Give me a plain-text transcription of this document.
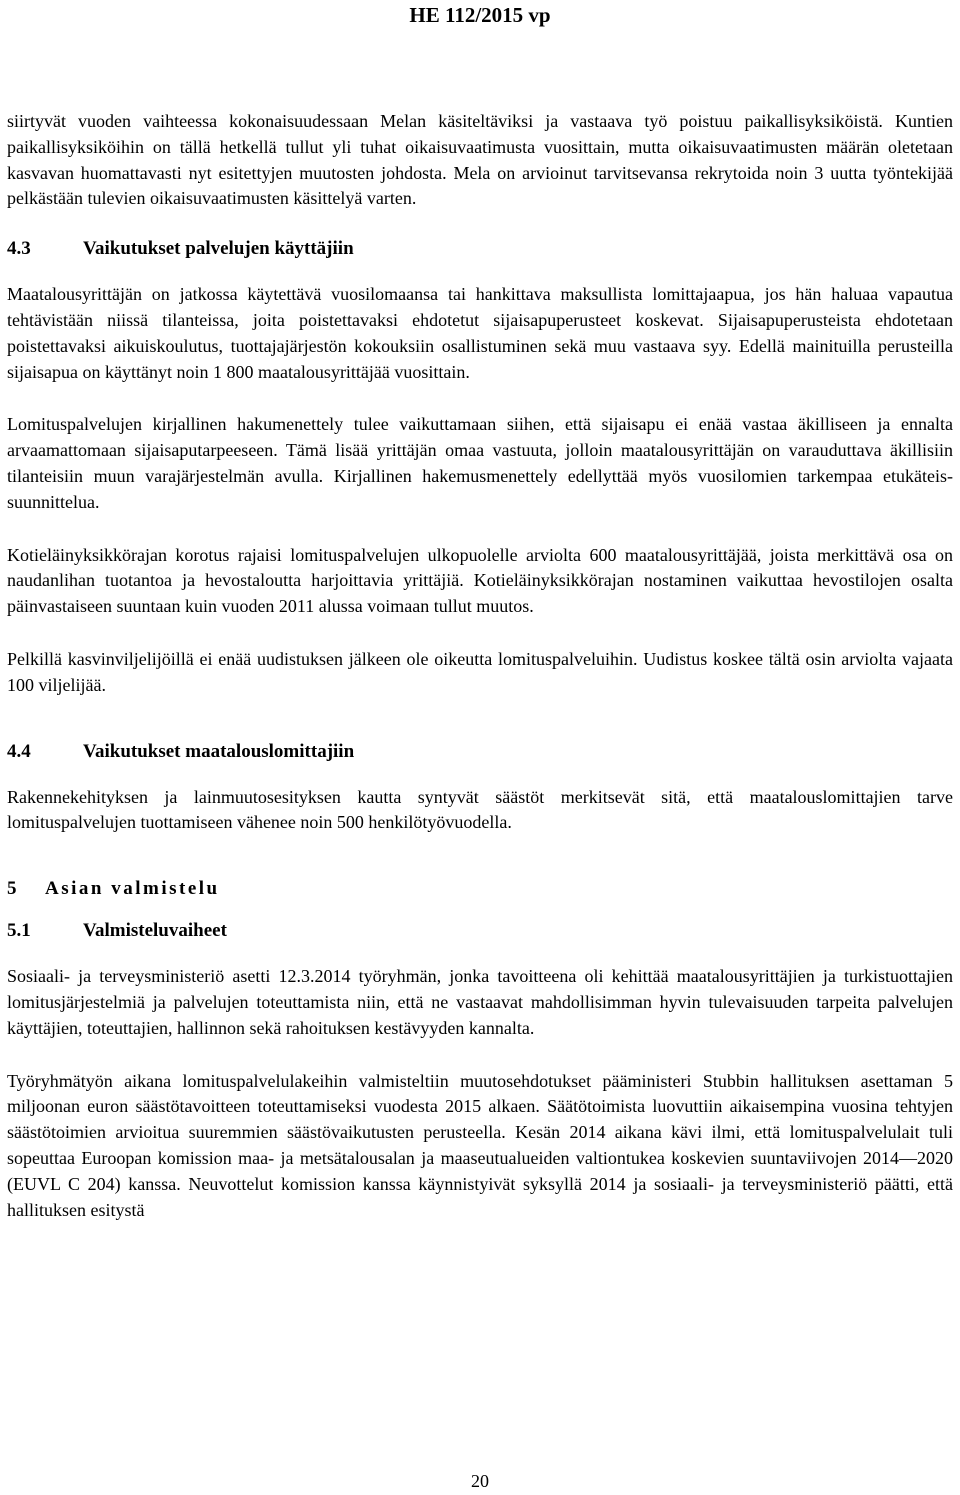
HE 112/2015 vp

siirtyvät vuoden vaihteessa kokonaisuudessaan Melan käsiteltäviksi ja vastaava työ poistuu paikallisyksiköistä. Kuntien paikallisyksiköihin on tällä hetkellä tullut yli tuhat oikaisuvaatimusta vuosittain, mutta oikaisuvaatimusten määrän oletetaan kasvavan huomattavasti nyt esitettyjen muutosten johdosta. Mela on arvioinut tarvitsevansa rekrytoida noin 3 uutta työntekijää pelkästään tulevien oikaisuvaatimusten käsittelyä varten.

4.3	Vaikutukset palvelujen käyttäjiin

Maatalousyrittäjän on jatkossa käytettävä vuosilomaansa tai hankittava maksullista lomittajaapua, jos hän haluaa vapautua tehtävistään niissä tilanteissa, joita poistettavaksi ehdotetut sijaisapuperusteet koskevat. Sijaisapuperusteista ehdotetaan poistettavaksi aikuiskoulutus, tuottajajärjestön kokouksiin osallistuminen sekä muu vastaava syy. Edellä mainituilla perusteilla sijaisapua on käyttänyt noin 1 800 maatalousyrittäjää vuosittain.

Lomituspalvelujen kirjallinen hakumenettely tulee vaikuttamaan siihen, että sijaisapu ei enää vastaa äkilliseen ja ennalta arvaamattomaan sijaisaputarpeeseen. Tämä lisää yrittäjän omaa vastuuta, jolloin maatalousyrittäjän on varauduttava äkillisiin tilanteisiin muun varajärjestelmän avulla. Kirjallinen hakemusmenettely edellyttää myös vuosilomien tarkempaa etukäteissuunnittelua.

Kotieläinyksikkörajan korotus rajaisi lomituspalvelujen ulkopuolelle arviolta 600 maatalousyrittäjää, joista merkittävä osa on naudanlihan tuotantoa ja hevostaloutta harjoittavia yrittäjiä. Kotieläinyksikkörajan nostaminen vaikuttaa hevostilojen osalta päinvastaiseen suuntaan kuin vuoden 2011 alussa voimaan tullut muutos.

Pelkillä kasvinviljelijöillä ei enää uudistuksen jälkeen ole oikeutta lomituspalveluihin. Uudistus koskee tältä osin arviolta vajaata 100 viljelijää.

4.4	Vaikutukset maatalouslomittajiin

Rakennekehityksen ja lainmuutosesityksen kautta syntyvät säästöt merkitsevät sitä, että maatalouslomittajien tarve lomituspalvelujen tuottamiseen vähenee noin 500 henkilötyövuodella.

5	Asian valmistelu
5.1	Valmisteluvaiheet

Sosiaali- ja terveysministeriö asetti 12.3.2014 työryhmän, jonka tavoitteena oli kehittää maatalousyrittäjien ja turkistuottajien lomitusjärjestelmiä ja palvelujen toteuttamista niin, että ne vastaavat mahdollisimman hyvin tulevaisuuden tarpeita palvelujen käyttäjien, toteuttajien, hallinnon sekä rahoituksen kestävyyden kannalta.

Työryhmätyön aikana lomituspalvelulakeihin valmisteltiin muutosehdotukset pääministeri Stubbin hallituksen asettaman 5 miljoonan euron säästötavoitteen toteuttamiseksi vuodesta 2015 alkaen. Säätötoimista luovuttiin aikaisempina vuosina tehtyjen säästötoimien arvioitua suuremmien säästövaikutusten perusteella. Kesän 2014 aikana kävi ilmi, että lomituspalvelulait tuli sopeuttaa Euroopan komission maa- ja metsätalousalan ja maaseutualueiden valtiontukea koskevien suuntaviivojen 2014—2020 (EUVL C 204) kanssa. Neuvottelut komission kanssa käynnistyivät syksyllä 2014 ja sosiaali- ja terveysministeriö päätti, että hallituksen esitystä

20
